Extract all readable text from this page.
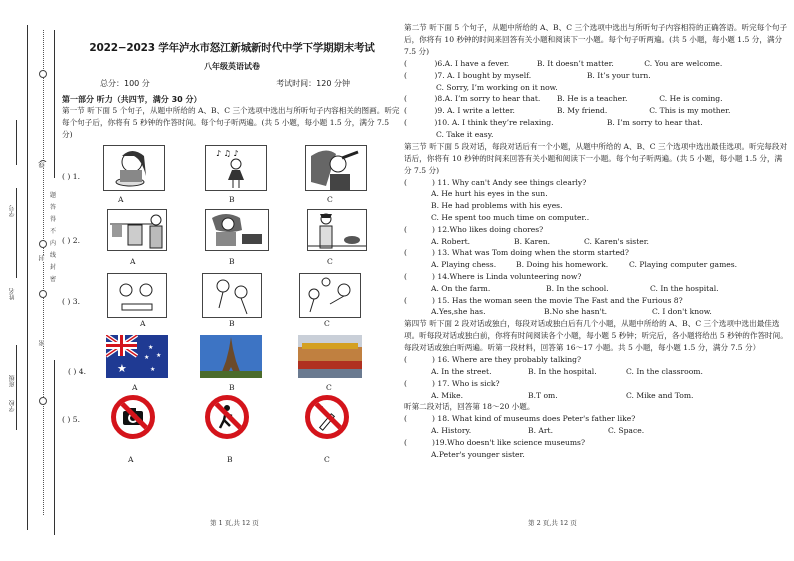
学校
班级
姓名
学号
密
封
线
题
答
得
不
内
线
封
密
2022−2023 学年泸水市怒江新城新时代中学下学期期末考试
八年级英语试卷
总分：100 分	考试时间：120 分钟
第一部分 听力（共四节，满分 30 分）
第一节 听下面 5 个句子，从题中所给的 A、B、C 三个选项中选出与所听句子内容相关的图画。听完每个句子后，你将有 5 秒钟的作答时间。每个句子听两遍。(共 5 小题，每小题 1.5 分，满分 7.5 分)
( ) 1.
♪ ♫ ♪
A	B	C
( ) 2.
A	B	C
( ) 3.
A	B	C
( ) 4.	★
★
★
★
★
A	B	C
( ) 5.
A	B	C
第 1 页,共 12 页
第二节 听下面 5 个句子，从题中所给的 A、B、C 三个选项中选出与所听句子内容相符的正确答语。听完每个句子后，你将有 10 秒钟的时间来回答有关小题和阅读下一小题。每个句子听两遍。(共 5 小题，每小题 1.5 分，满分 7.5 分)
(	)6.A. I have a fever.	B. It doesn’t matter.	C. You are welcome.
(	)7. A. I bought by myself.	B. It’s your turn.
C. Sorry, I’m working on it now.
(	)8.A. I’m sorry to hear that. B. He is a teacher.	C. He is coming.
(	)9. A. I write a letter.	B. My friend.	C. This is my mother.
(	)10. A. I think they’re relaxing.	B. I’m sorry to hear that.
C. Take it easy.
第三节 听下面 5 段对话，每段对话后有一个小题，从题中所给的 A、B、C 三个选项中选出最佳选项。听完每段对话后，你将有 10 秒钟的时间来回答有关小题和阅读下一小题。每个句子听两遍。(共 5 小题，每小题 1.5 分，满分 7.5 分)
(	) 11. Why can't Andy see things clearly?
A. He hurt his eyes in the sun.
B. He had problems with his eyes.
C. He spent too much time on computer..
(	) 12.Who likes doing chores?
A. Robert.	B. Karen.	C. Karen's sister.
(	) 13. What was Tom doing when the storm started?
A. Playing chess.	B. Doing his homework.	C. Playing computer games.
(	) 14.Where is Linda volunteering now?
A. On the farm.	B. In the school.	C. In the hospital.
(	) 15. Has the woman seen the movie The Fast and the Furious 8?
A.Yes,she has.	B.No she hasn't.	C. I don't know.
第四节 听下面 2 段对话或独白，每段对话或独白后有几个小题，从题中所给的 A、B、C 三个选项中选出最佳选项。听每段对话或独白前，你将有时间阅读各个小题，每小题 5 秒钟；听完后，各小题将给出 5 秒钟的作答时间。每段对话或独白听两遍。听第一段材料，回答第 16～17 小题。共 5 小题，每小题 1.5 分，满分 7.5 分）
(	) 16. Where are they probably talking?
A. In the street.	B. In the hospital.	C. In the classroom.
(	) 17. Who is sick?
A. Mike.	B.T om.	C. Mike and Tom.
听第二段对话，回答第 18～20 小题。
(	) 18. What kind of museums does Peter's father like?
A. History.	B. Art.	C. Space.
(	)19.Who doesn't like science museums?
A.Peter's younger sister.
第 2 页,共 12 页
